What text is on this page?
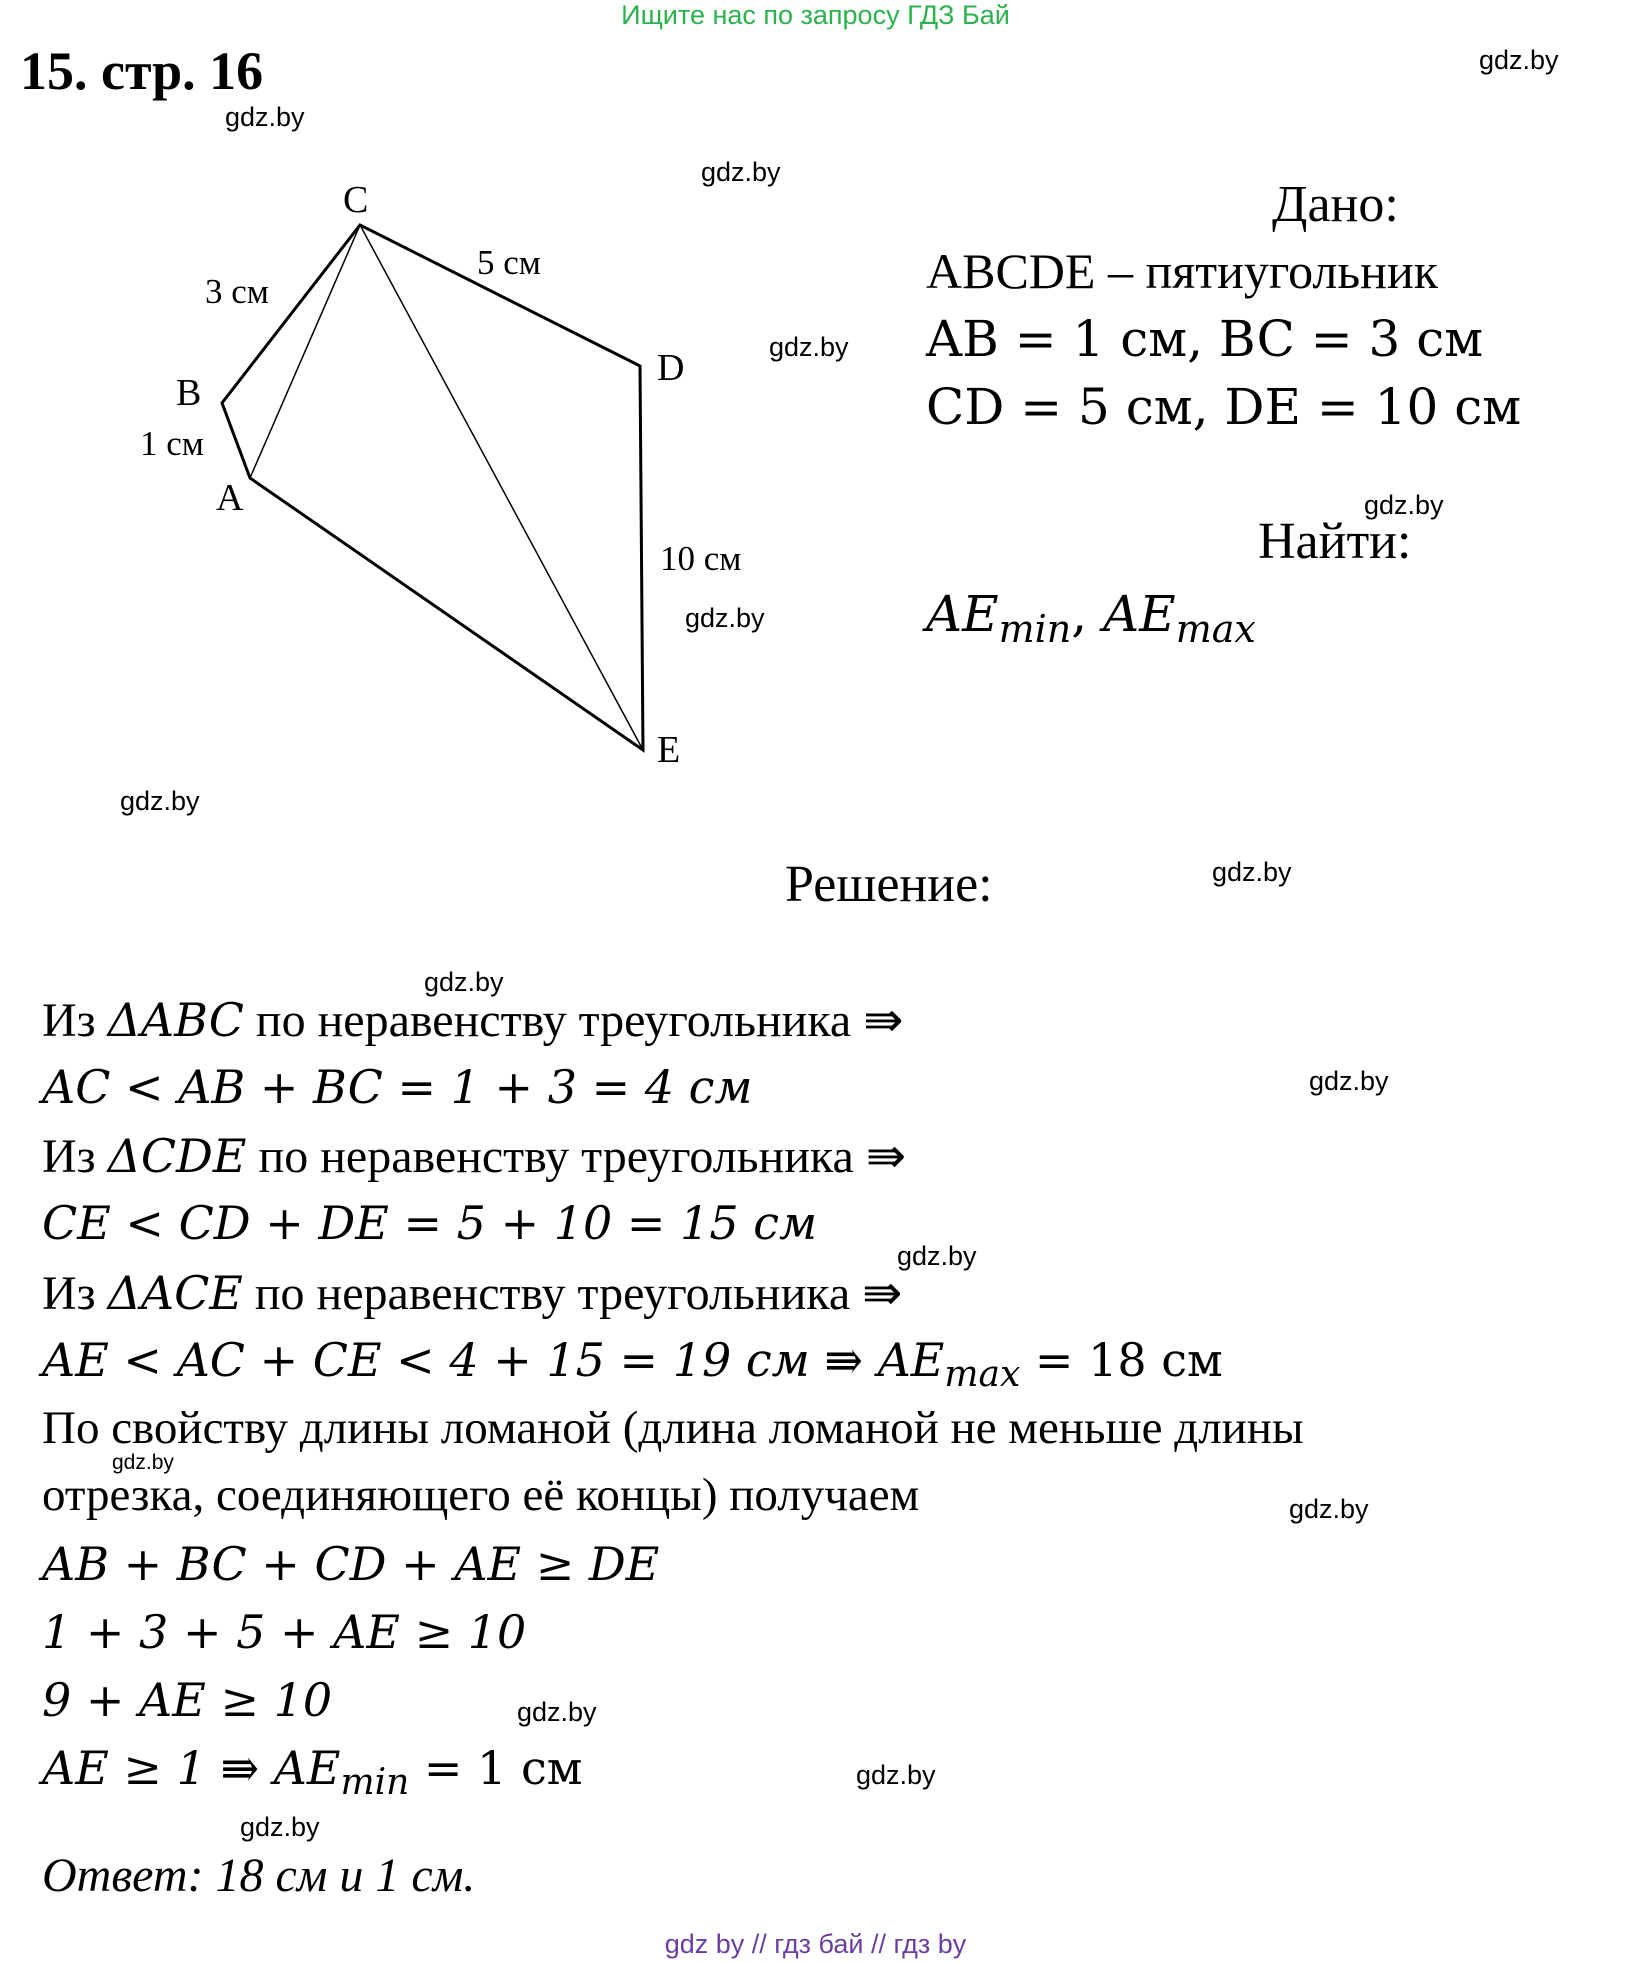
Ищите нас по запросу ГДЗ Бай
15. стр. 16	gdz.by
gdz.by
gdz.by
gdz.by
gdz.by
gdz.by
gdz.by
gdz.by
gdz.by
gdz.by
gdz.by
gdz.by
gdz.by
gdz.by
gdz.by
gdz.by
C
B
A
D
E
3 см
1 см
5 см
10 см
Дано:
ABCDE – пятиугольник
AB = 1 см, BC = 3 см
CD = 5 см, DE = 10 см
Найти:
$AE_{min}$, $AE_{max}$
Решение:
Из ΔABC по неравенству треугольника ⇛
AC < AB + BC = 1 + 3 = 4 см
Из ΔCDE по неравенству треугольника ⇛
CE < CD + DE = 5 + 10 = 15 см
Из ΔACE по неравенству треугольника ⇛
AE < AC + CE < 4 + 15 = 19 см ⇛ $AE_{max} = 18$ см
По свойству длины ломаной (длина ломаной не меньше длины
отрезка, соединяющего её концы) получаем
AB + BC + CD + AE ≥ DE
1 + 3 + 5 + AE ≥ 10
9 + AE ≥ 10
AE ≥ 1 ⇛ $AE_{min} = 1$ см
Ответ: 18 см и 1 см.
gdz by // гдз бай // гдз by
